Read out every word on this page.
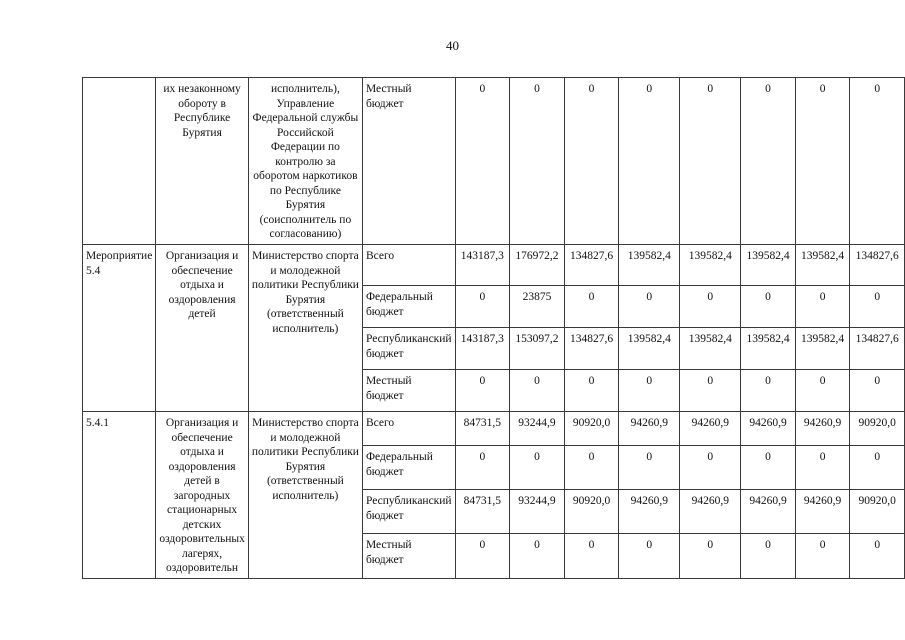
40
	их незаконному обороту в Республике Бурятия	исполнитель), Управление Федеральной службы Российской Федерации по контролю за оборотом наркотиков по Республике Бурятия (соисполнитель по согласованию)	Местный бюджет	0	0	0	0	0	0	0	0
Мероприятие 5.4	Организация и обеспечение отдыха и оздоровления детей	Министерство спорта и молодежной политики Республики Бурятия (ответственный исполнитель)	Всего	143187,3	176972,2	134827,6	139582,4	139582,4	139582,4	139582,4	134827,6
			Федеральный бюджет	0	23875	0	0	0	0	0	0
			Республиканский бюджет	143187,3	153097,2	134827,6	139582,4	139582,4	139582,4	139582,4	134827,6
			Местный бюджет	0	0	0	0	0	0	0	0
5.4.1	Организация и обеспечение отдыха и оздоровления детей в загородных стационарных детских оздоровительных лагерях, оздоровительн	Министерство спорта и молодежной политики Республики Бурятия (ответственный исполнитель)	Всего	84731,5	93244,9	90920,0	94260,9	94260,9	94260,9	94260,9	90920,0
			Федеральный бюджет	0	0	0	0	0	0	0	0
			Республиканский бюджет	84731,5	93244,9	90920,0	94260,9	94260,9	94260,9	94260,9	90920,0
			Местный бюджет	0	0	0	0	0	0	0	0
